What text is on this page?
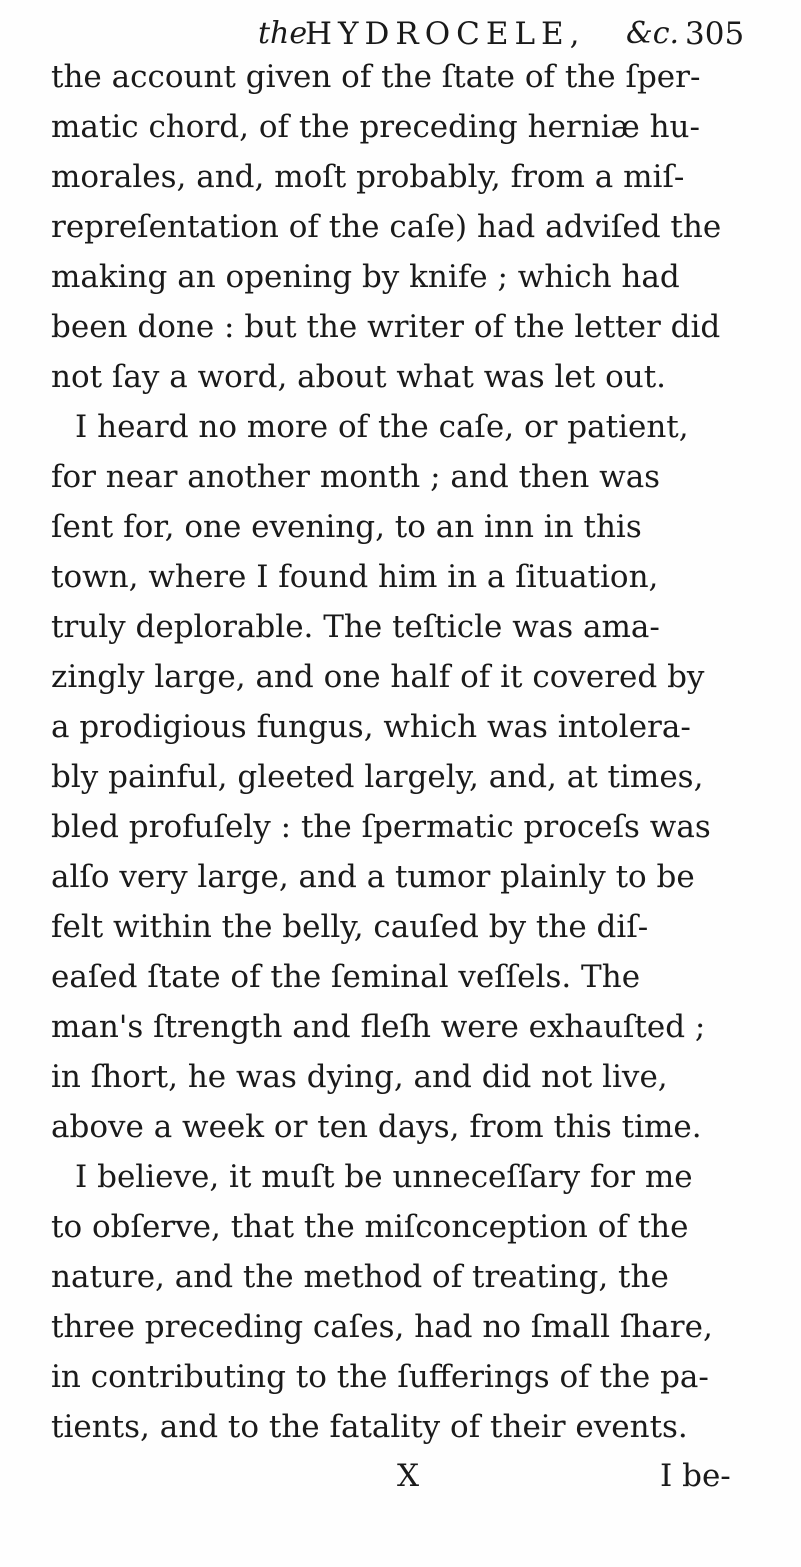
the
HYDROCELE, &c. 305
the account given of the ſtate of the ſper-
matic chord, of the preceding herniæ hu-
morales, and, moſt probably, from a miſ-
repreſentation of the caſe) had adviſed the
making an opening by knife ; which had
been done : but the writer of the letter did
not ſay a word, about what was let out.
I heard no more of the caſe, or patient,
for near another month ; and then was
ſent for, one evening, to an inn in this
town, where I found him in a ſituation,
truly deplorable. The teſticle was ama-
zingly large, and one half of it covered by
a prodigious fungus, which was intolera-
bly painful, gleeted largely, and, at times,
bled profuſely : the ſpermatic proceſs was
alſo very large, and a tumor plainly to be
felt within the belly, cauſed by the diſ-
eaſed ſtate of the ſeminal veſſels. The
man's ſtrength and fleſh were exhauſted ;
in ſhort, he was dying, and did not live,
above a week or ten days, from this time.
I believe, it muſt be unneceſſary for me
to obſerve, that the miſconception of the
nature, and the method of treating, the
three preceding caſes, had no ſmall ſhare,
in contributing to the ſufferings of the pa-
tients, and to the fatality of their events.
X	I be-
